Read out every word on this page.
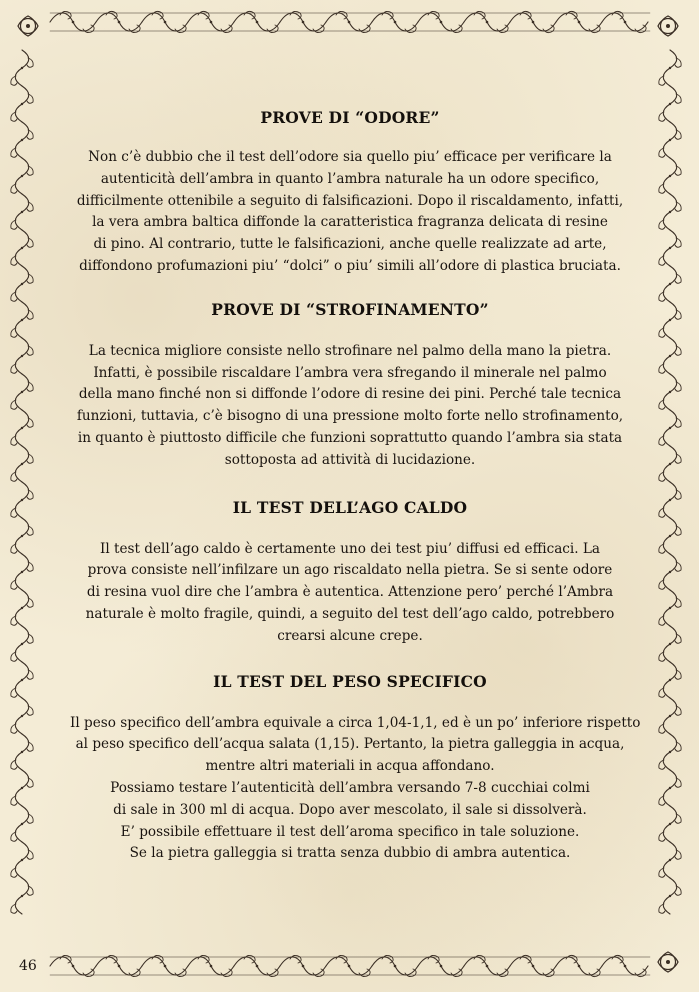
PROVE DI “ODORE”

Non c’è dubbio che il test dell’odore sia quello piu’ efficace per verificare la
autenticità dell’ambra in quanto l’ambra naturale ha un odore specifico,
difficilmente ottenibile a seguito di falsificazioni. Dopo il riscaldamento, infatti,
la vera ambra baltica diffonde la caratteristica fragranza delicata di resine
di pino. Al contrario, tutte le falsificazioni, anche quelle realizzate ad arte,
diffondono profumazioni piu’ “dolci” o piu’ simili all’odore di plastica bruciata.

PROVE DI “STROFINAMENTO”

La tecnica migliore consiste nello strofinare nel palmo della mano la pietra.
Infatti, è possibile riscaldare l’ambra vera sfregando il minerale nel palmo
della mano finché non si diffonde l’odore di resine dei pini. Perché tale tecnica
funzioni, tuttavia, c’è bisogno di una pressione molto forte nello strofinamento,
in quanto è piuttosto difficile che funzioni soprattutto quando l’ambra sia stata
sottoposta ad attività di lucidazione.

IL TEST DELL’AGO CALDO

Il test dell’ago caldo è certamente uno dei test piu’ diffusi ed efficaci. La
prova consiste nell’infilzare un ago riscaldato nella pietra. Se si sente odore
di resina vuol dire che l’ambra è autentica. Attenzione pero’ perché l’Ambra
naturale è molto fragile, quindi, a seguito del test dell’ago caldo, potrebbero
crearsi alcune crepe.

IL TEST DEL PESO SPECIFICO

Il peso specifico dell’ambra equivale a circa 1,04-1,1, ed è un po’ inferiore rispetto
al peso specifico dell’acqua salata (1,15). Pertanto, la pietra galleggia in acqua,
mentre altri materiali in acqua affondano.
Possiamo testare l’autenticità dell’ambra versando 7-8 cucchiai colmi
di sale in 300 ml di acqua. Dopo aver mescolato, il sale si dissolverà.
E’ possibile effettuare il test dell’aroma specifico in tale soluzione.
Se la pietra galleggia si tratta senza dubbio di ambra autentica.

46
